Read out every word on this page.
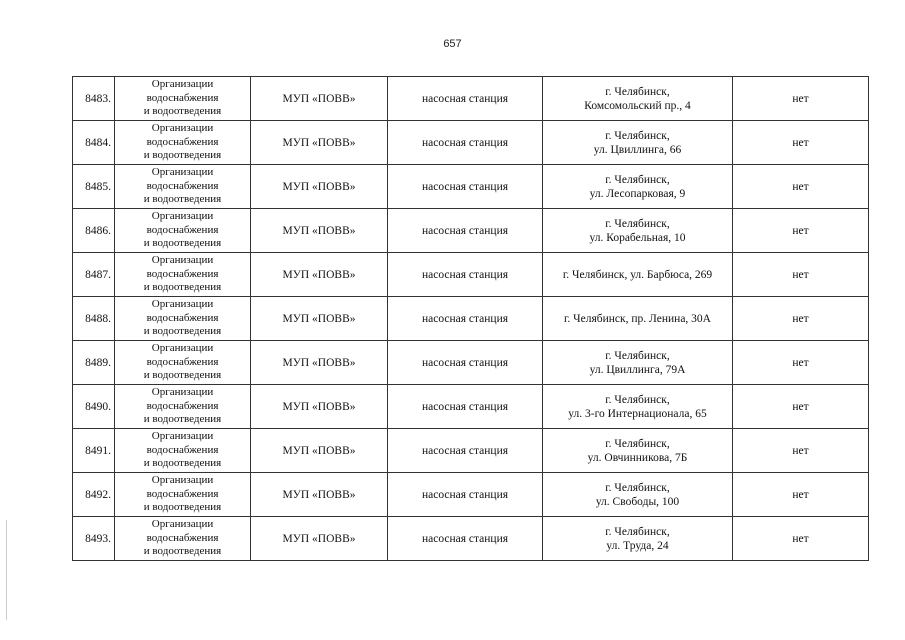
657
8483.	Организации
водоснабжения
и водоотведения	МУП «ПОВВ»	насосная станция	г. Челябинск,
Комсомольский пр., 4	нет
8484.	Организации
водоснабжения
и водоотведения	МУП «ПОВВ»	насосная станция	г. Челябинск,
ул. Цвиллинга, 66	нет
8485.	Организации
водоснабжения
и водоотведения	МУП «ПОВВ»	насосная станция	г. Челябинск,
ул. Лесопарковая, 9	нет
8486.	Организации
водоснабжения
и водоотведения	МУП «ПОВВ»	насосная станция	г. Челябинск,
ул. Корабельная, 10	нет
8487.	Организации
водоснабжения
и водоотведения	МУП «ПОВВ»	насосная станция	г. Челябинск, ул. Барбюса, 269	нет
8488.	Организации
водоснабжения
и водоотведения	МУП «ПОВВ»	насосная станция	г. Челябинск, пр. Ленина, 30А	нет
8489.	Организации
водоснабжения
и водоотведения	МУП «ПОВВ»	насосная станция	г. Челябинск,
ул. Цвиллинга, 79А	нет
8490.	Организации
водоснабжения
и водоотведения	МУП «ПОВВ»	насосная станция	г. Челябинск,
ул. 3-го Интернационала, 65	нет
8491.	Организации
водоснабжения
и водоотведения	МУП «ПОВВ»	насосная станция	г. Челябинск,
ул. Овчинникова, 7Б	нет
8492.	Организации
водоснабжения
и водоотведения	МУП «ПОВВ»	насосная станция	г. Челябинск,
ул. Свободы, 100	нет
8493.	Организации
водоснабжения
и водоотведения	МУП «ПОВВ»	насосная станция	г. Челябинск,
ул. Труда, 24	нет
